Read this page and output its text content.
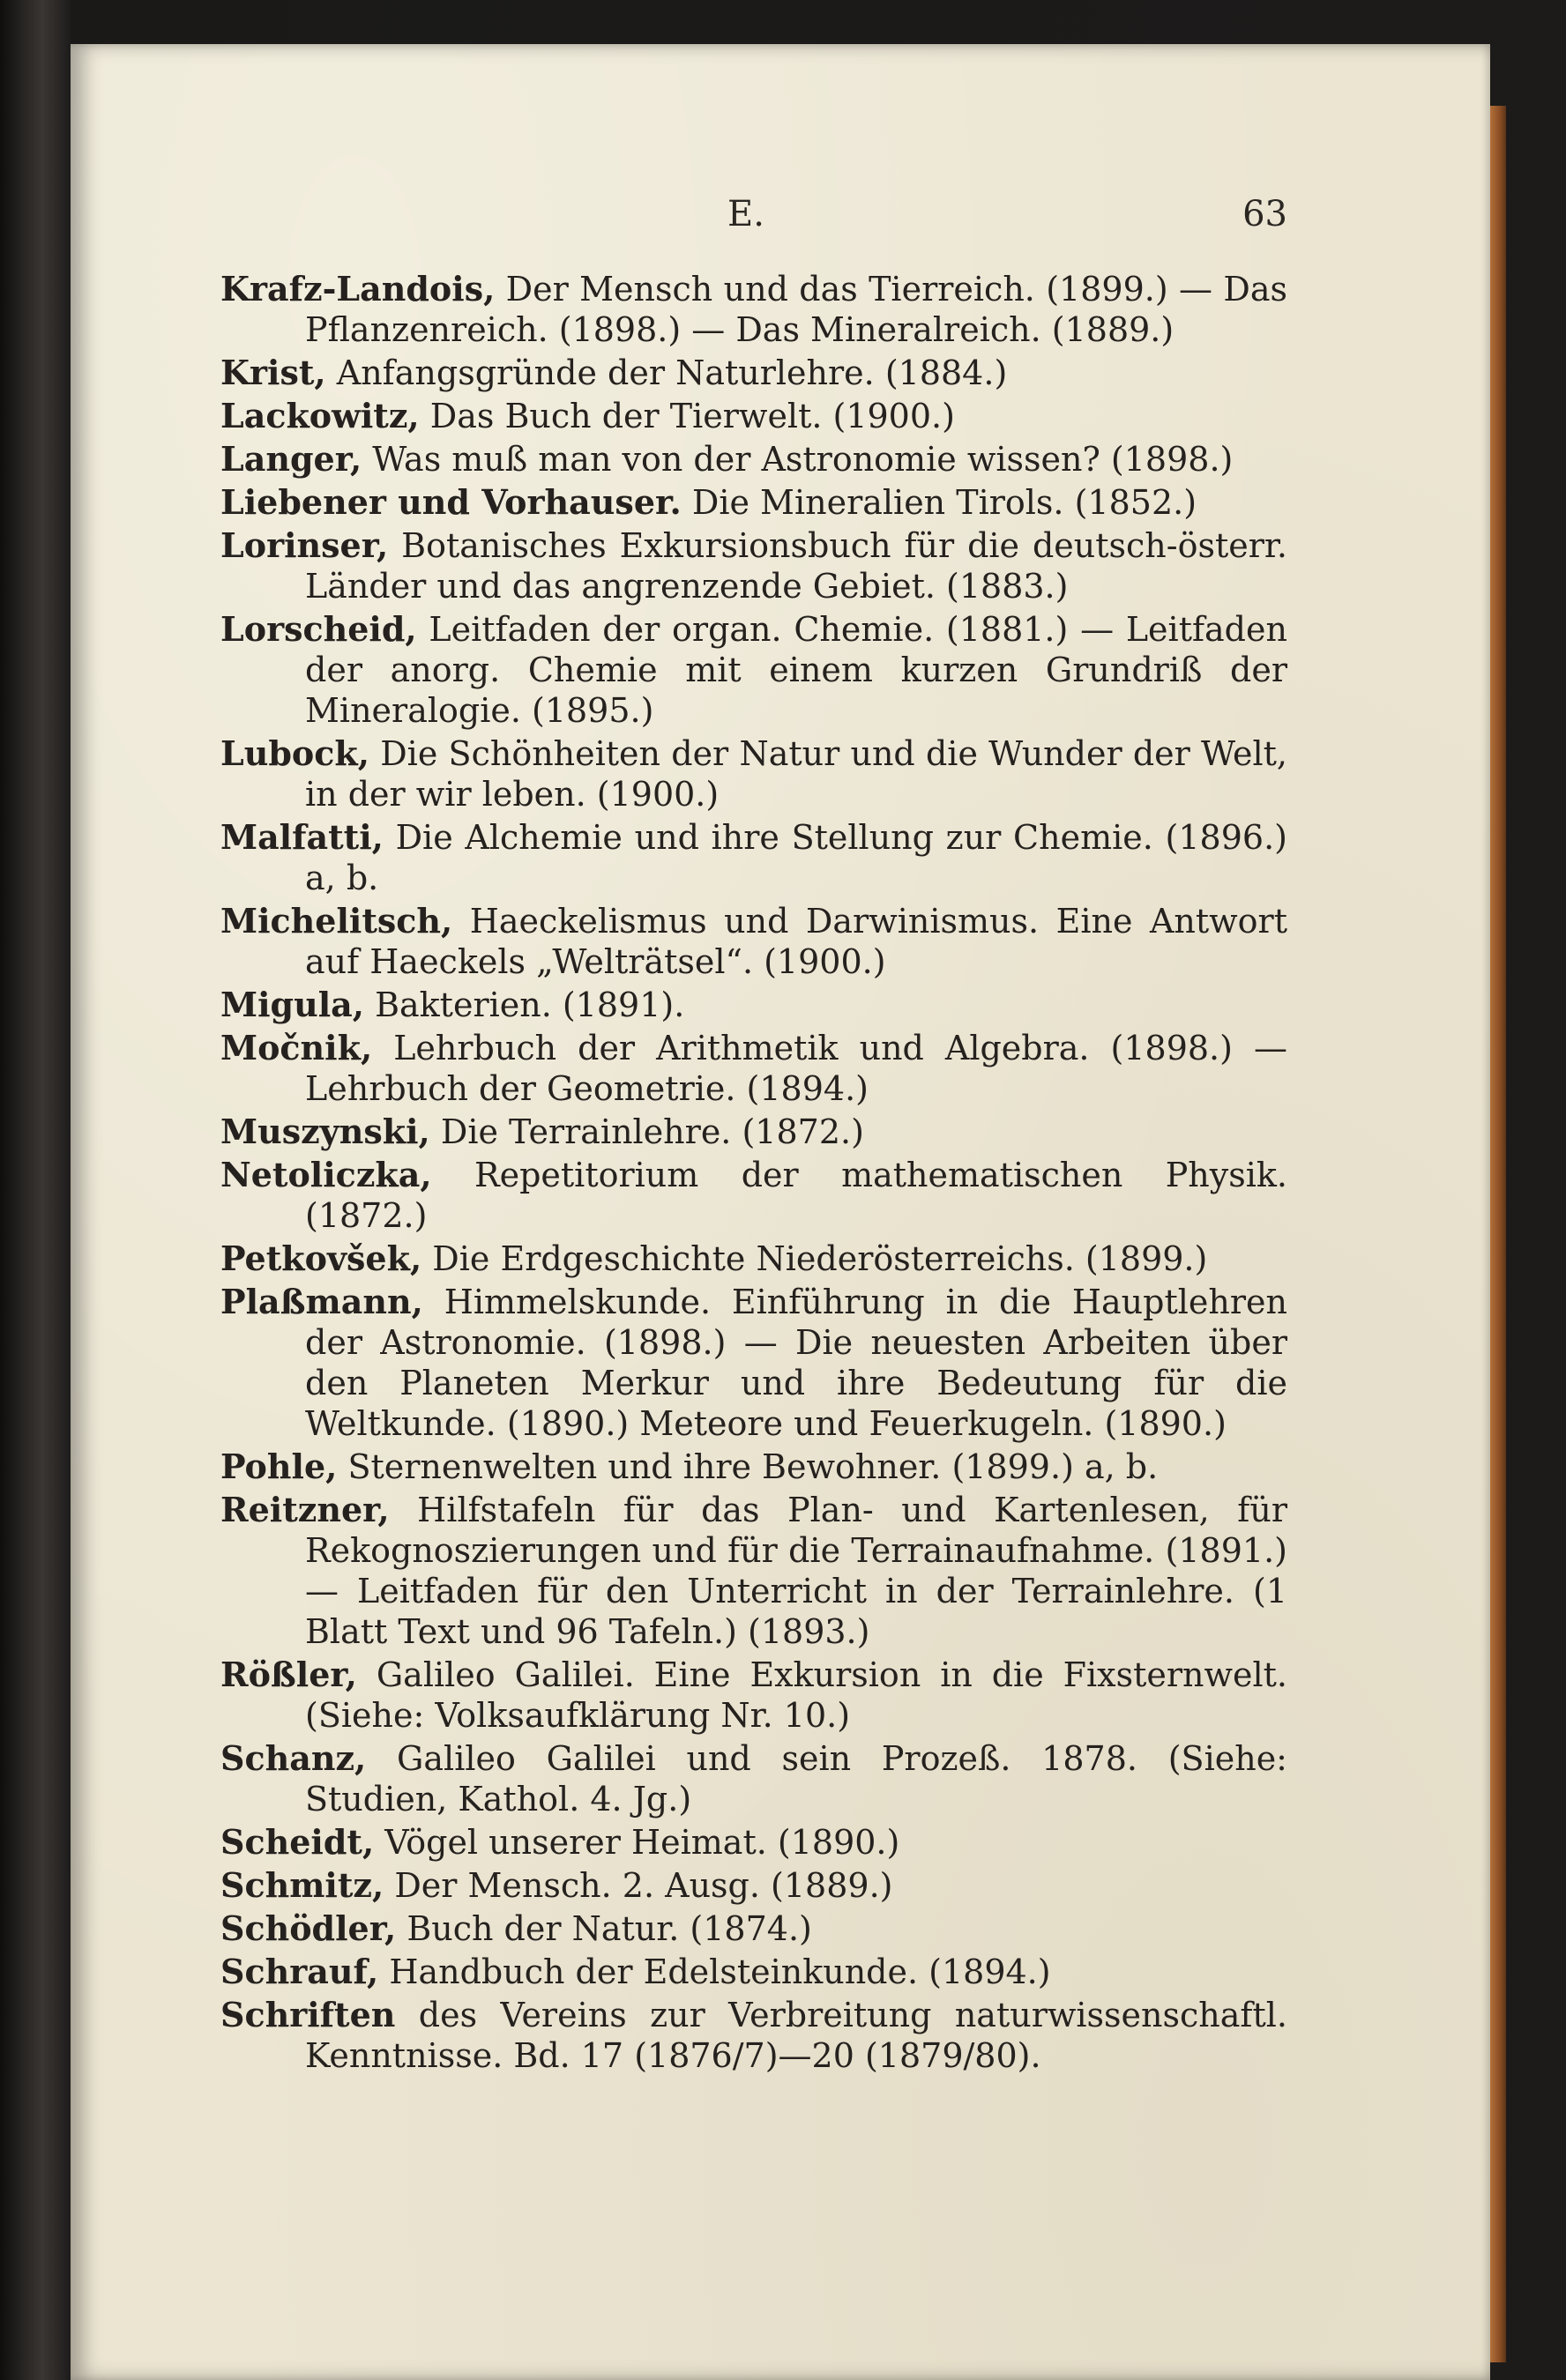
E.	63

Krafz-Landois, Der Mensch und das Tierreich. (1899.) — Das Pflanzenreich. (1898.) — Das Mineralreich. (1889.)

Krist, Anfangsgründe der Naturlehre. (1884.)

Lackowitz, Das Buch der Tierwelt. (1900.)

Langer, Was muß man von der Astronomie wissen? (1898.)

Liebener und Vorhauser. Die Mineralien Tirols. (1852.)

Lorinser, Botanisches Exkursionsbuch für die deutsch-österr. Länder und das angrenzende Gebiet. (1883.)

Lorscheid, Leitfaden der organ. Chemie. (1881.) — Leitfaden der anorg. Chemie mit einem kurzen Grundriß der Mineralogie. (1895.)

Lubock, Die Schönheiten der Natur und die Wunder der Welt, in der wir leben. (1900.)

Malfatti, Die Alchemie und ihre Stellung zur Chemie. (1896.) a, b.

Michelitsch, Haeckelismus und Darwinismus. Eine Antwort auf Haeckels „Welträtsel“. (1900.)

Migula, Bakterien. (1891).

Močnik, Lehrbuch der Arithmetik und Algebra. (1898.) — Lehrbuch der Geometrie. (1894.)

Muszynski, Die Terrainlehre. (1872.)

Netoliczka, Repetitorium der mathematischen Physik. (1872.)

Petkovšek, Die Erdgeschichte Niederösterreichs. (1899.)

Plaßmann, Himmelskunde. Einführung in die Hauptlehren der Astronomie. (1898.) — Die neuesten Arbeiten über den Planeten Merkur und ihre Bedeutung für die Weltkunde. (1890.) Meteore und Feuerkugeln. (1890.)

Pohle, Sternenwelten und ihre Bewohner. (1899.) a, b.

Reitzner, Hilfstafeln für das Plan- und Kartenlesen, für Rekognoszierungen und für die Terrainaufnahme. (1891.) — Leitfaden für den Unterricht in der Terrainlehre. (1 Blatt Text und 96 Tafeln.) (1893.)

Rößler, Galileo Galilei. Eine Exkursion in die Fixsternwelt. (Siehe: Volksaufklärung Nr. 10.)

Schanz, Galileo Galilei und sein Prozeß. 1878. (Siehe: Studien, Kathol. 4. Jg.)

Scheidt, Vögel unserer Heimat. (1890.)

Schmitz, Der Mensch. 2. Ausg. (1889.)

Schödler, Buch der Natur. (1874.)

Schrauf, Handbuch der Edelsteinkunde. (1894.)

Schriften des Vereins zur Verbreitung naturwissenschaftl. Kenntnisse. Bd. 17 (1876/7)—20 (1879/80).
